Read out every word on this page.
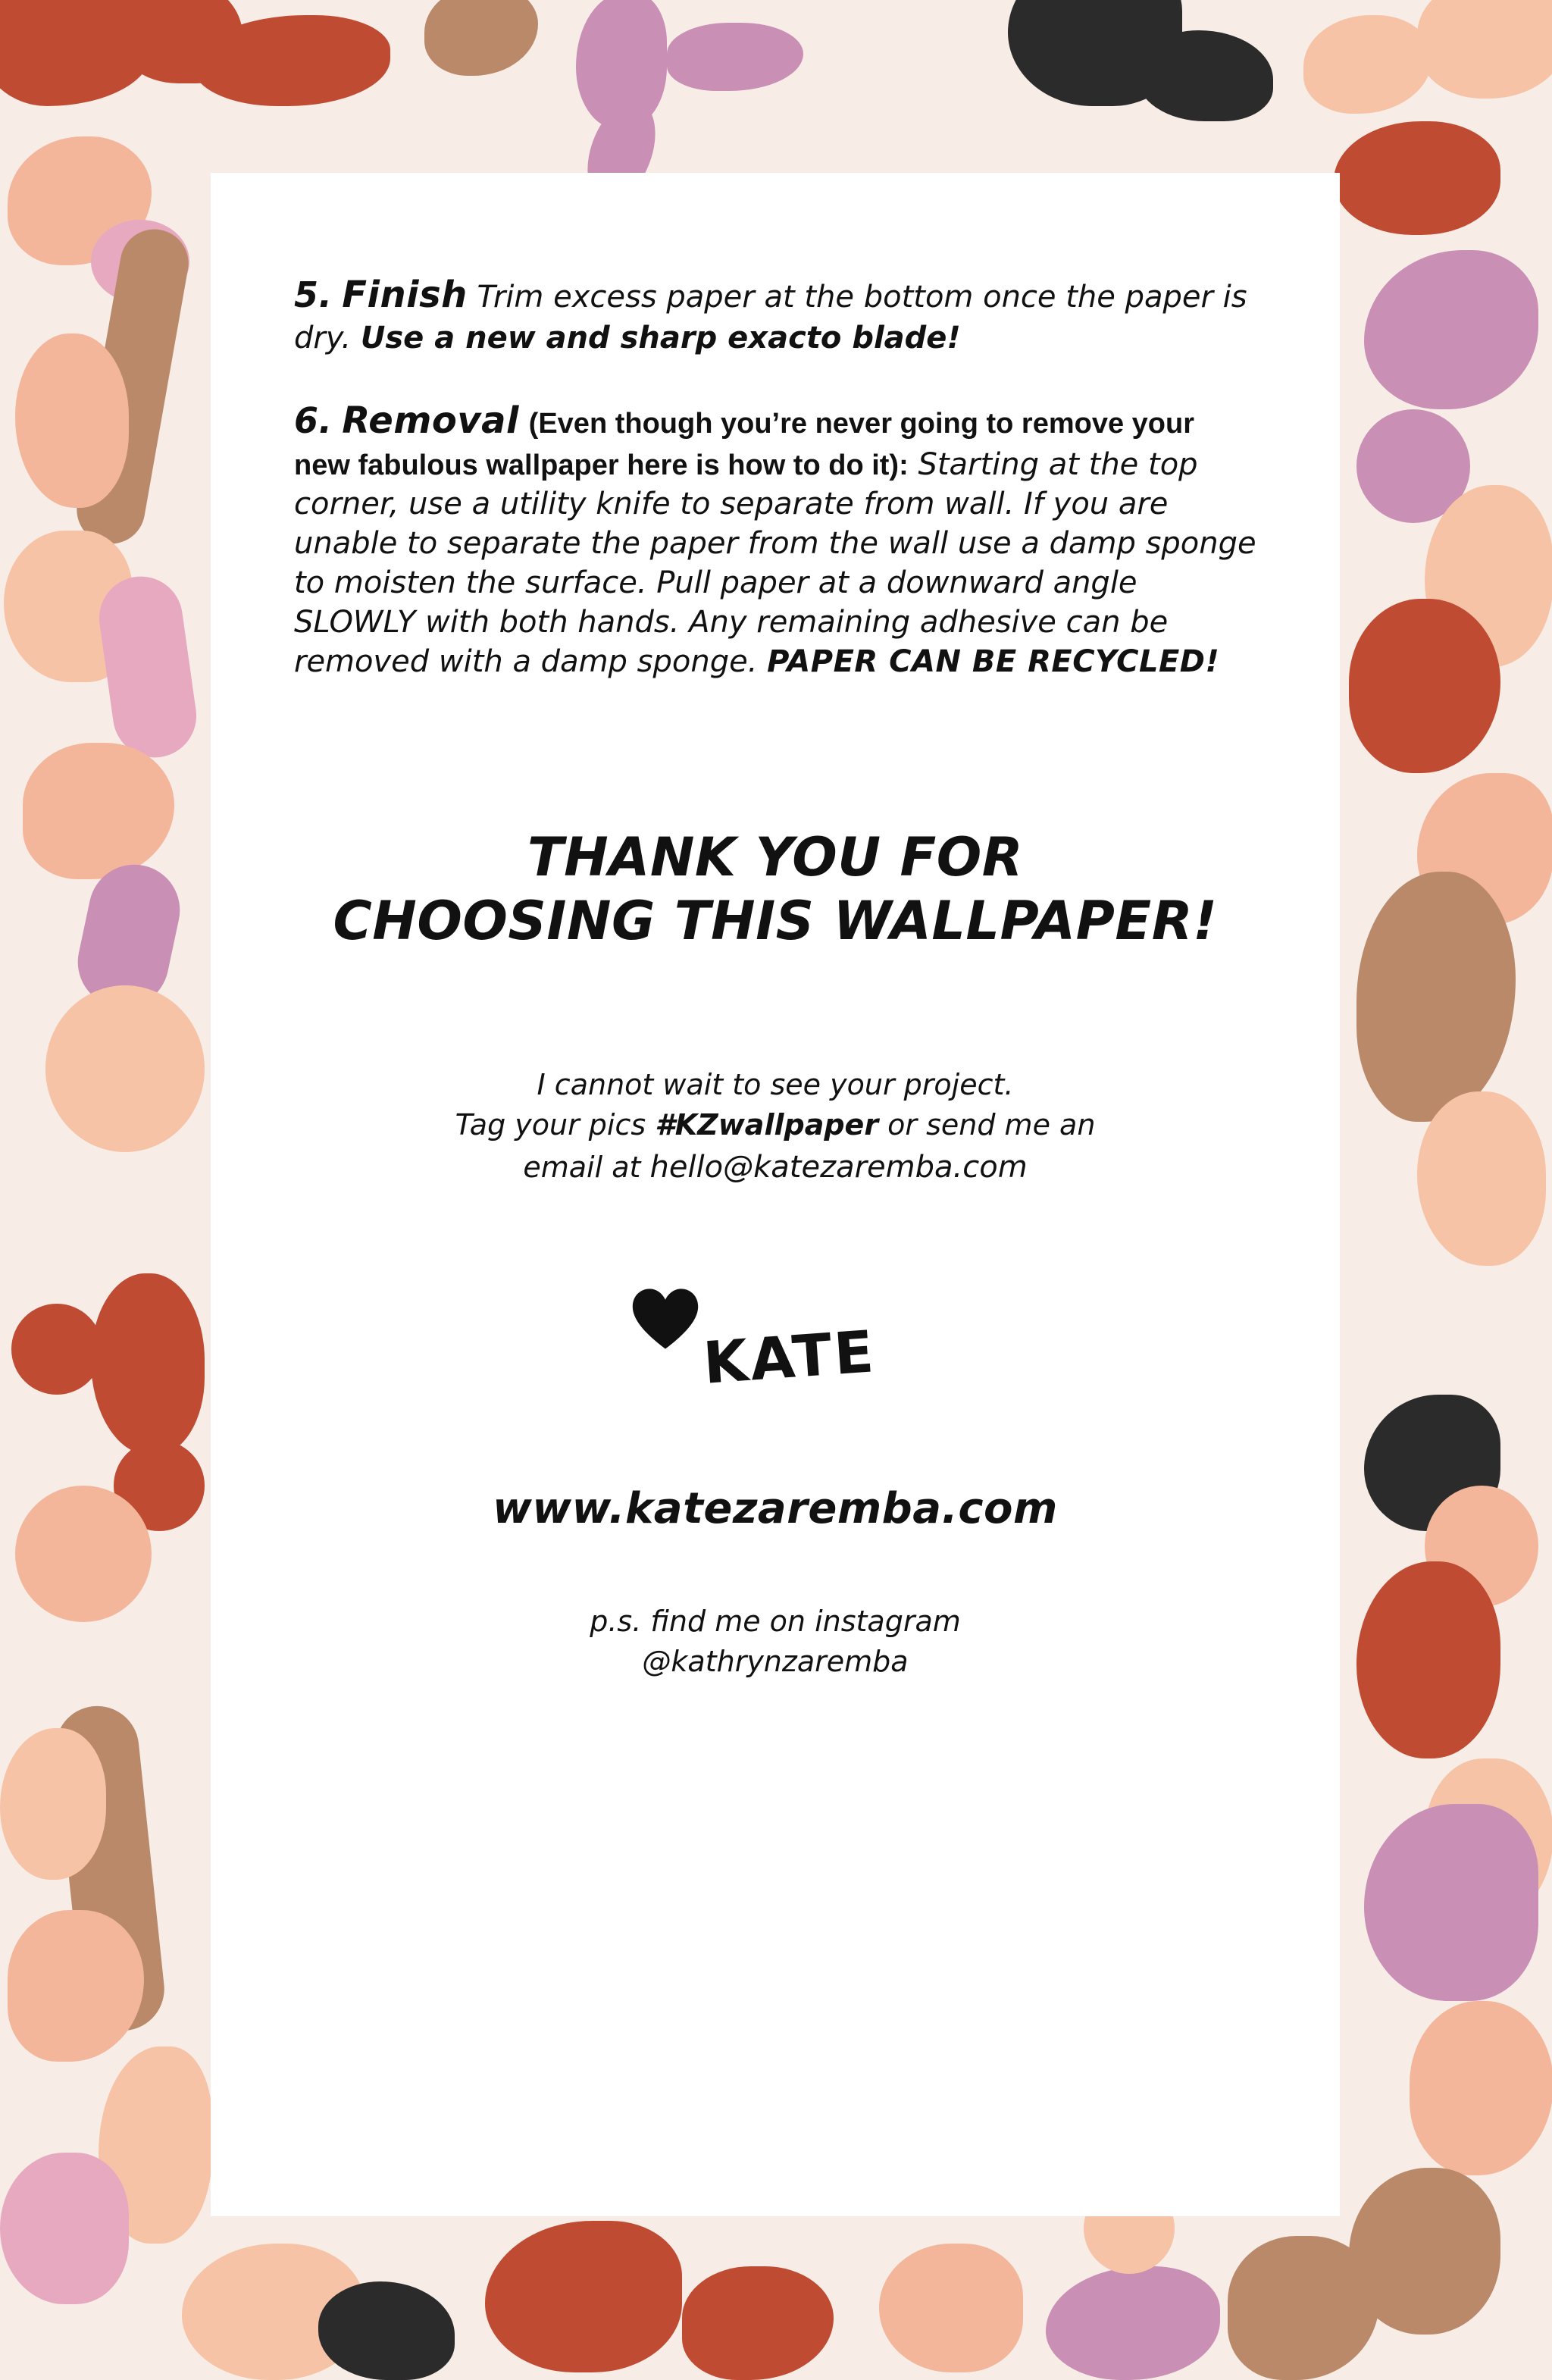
5. Finish Trim excess paper at the bottom once the paper is dry. Use a new and sharp exacto blade!

6. Removal (Even though you’re never going to remove your new fabulous wallpaper here is how to do it): Starting at the top corner, use a utility knife to separate from wall. If you are unable to separate the paper from the wall use a damp sponge to moisten the surface. Pull paper at a downward angle SLOWLY with both hands. Any remaining adhesive can be removed with a damp sponge. PAPER CAN BE RECYCLED!

THANK YOU FOR
CHOOSING THIS WALLPAPER!
I cannot wait to see your project.
Tag your pics #KZwallpaper or send me an
email at hello@katezaremba.com
KATE
www.katezaremba.com
p.s. find me on instagram
@kathrynzaremba
